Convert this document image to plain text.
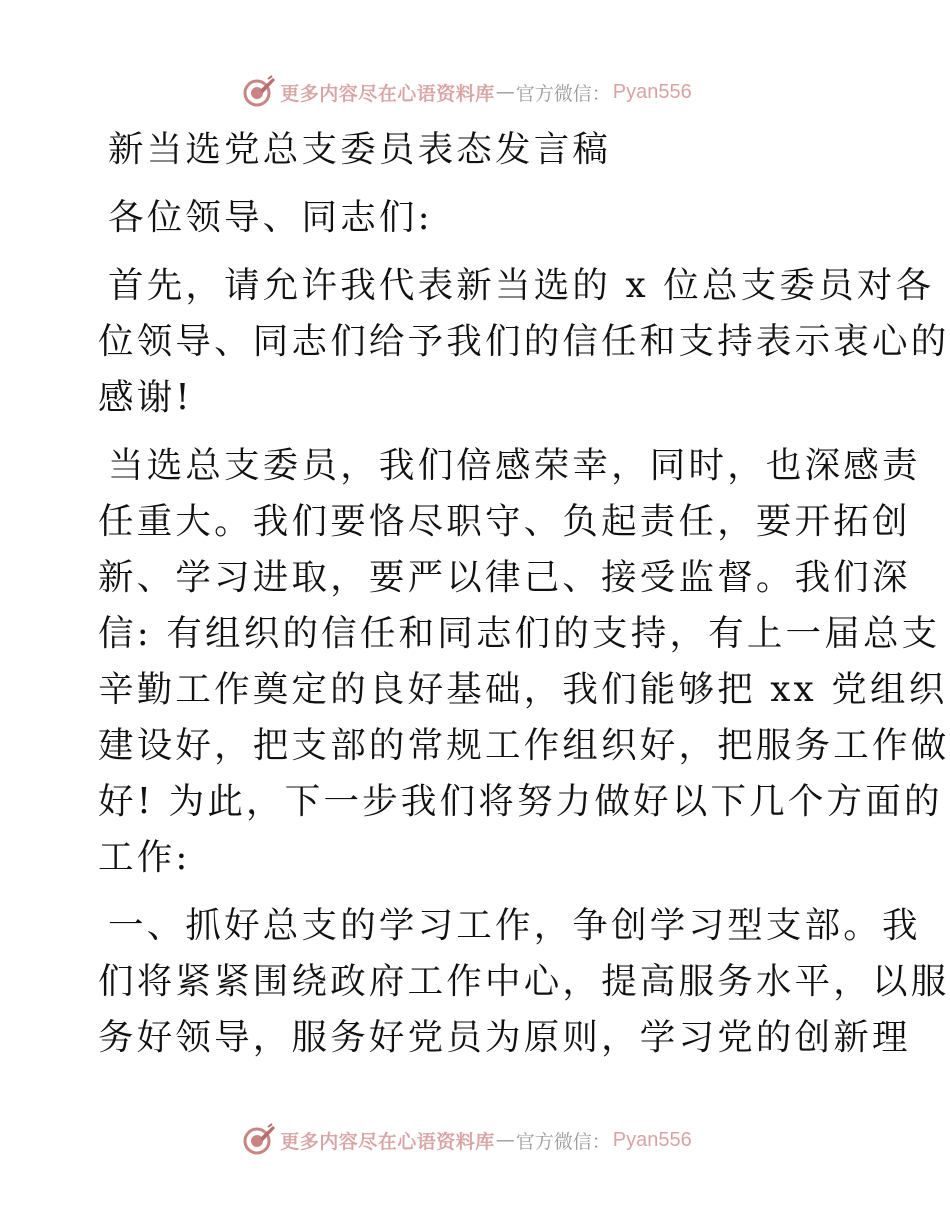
更多内容尽在心语资料库 — 官方微信： Pyan556
新当选党总支委员表态发言稿
各位领导、同志们:
首先，请允许我代表新当选的 x 位总支委员对各
位领导、同志们给予我们的信任和支持表示衷心的
感谢!
当选总支委员，我们倍感荣幸，同时，也深感责
任重大。我们要恪尽职守、负起责任，要开拓创
新、学习进取，要严以律己、接受监督。我们深
信: 有组织的信任和同志们的支持，有上一届总支
辛勤工作奠定的良好基础，我们能够把 xx 党组织
建设好，把支部的常规工作组织好，把服务工作做
好! 为此，下一步我们将努力做好以下几个方面的
工作:
一、抓好总支的学习工作，争创学习型支部。我
们将紧紧围绕政府工作中心，提高服务水平，以服
务好领导，服务好党员为原则，学习党的创新理
更多内容尽在心语资料库 — 官方微信： Pyan556
